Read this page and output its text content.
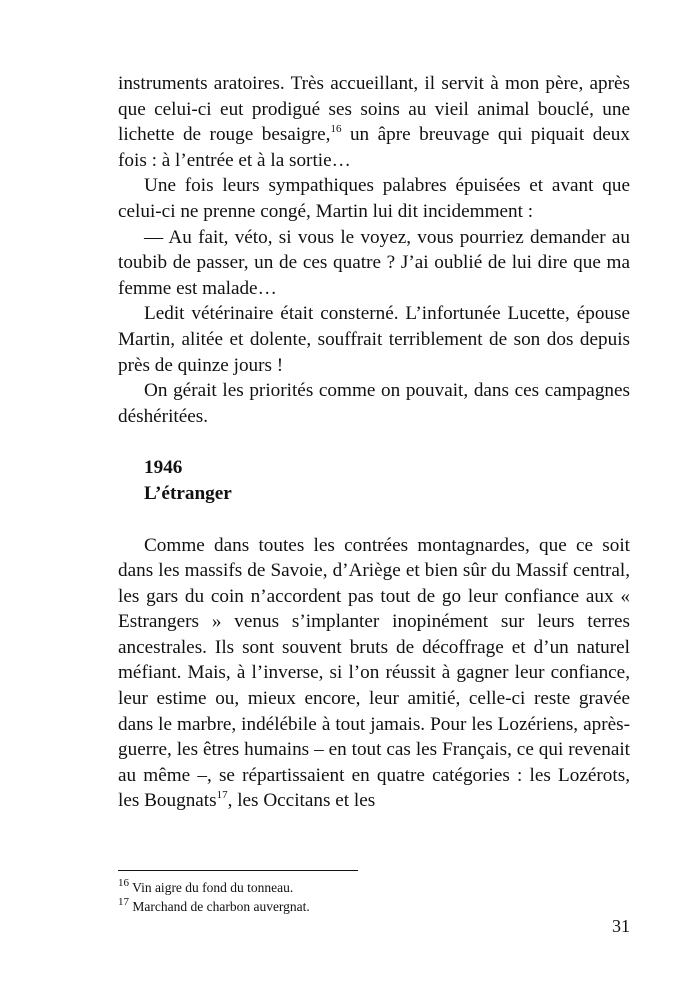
instruments aratoires. Très accueillant, il servit à mon père, après que celui-ci eut prodigué ses soins au vieil animal bouclé, une lichette de rouge besaigre,$^{16}$ un âpre breuvage qui piquait deux fois : à l’entrée et à la sortie…

Une fois leurs sympathiques palabres épuisées et avant que celui-ci ne prenne congé, Martin lui dit incidemment :

— Au fait, véto, si vous le voyez, vous pourriez demander au toubib de passer, un de ces quatre ? J’ai oublié de lui dire que ma femme est malade…

Ledit vétérinaire était consterné. L’infortunée Lucette, épouse Martin, alitée et dolente, souffrait terriblement de son dos depuis près de quinze jours !

On gérait les priorités comme on pouvait, dans ces campagnes déshéritées.

1946

L’étranger

Comme dans toutes les contrées montagnardes, que ce soit dans les massifs de Savoie, d’Ariège et bien sûr du Massif central, les gars du coin n’accordent pas tout de go leur confiance aux « Estrangers » venus s’implanter inopinément sur leurs terres ancestrales. Ils sont souvent bruts de décoffrage et d’un naturel méfiant. Mais, à l’inverse, si l’on réussit à gagner leur confiance, leur estime ou, mieux encore, leur amitié, celle-ci reste gravée dans le marbre, indélébile à tout jamais. Pour les Lozériens, après-guerre, les êtres humains – en tout cas les Français, ce qui revenait au même –, se répartissaient en quatre catégories : les Lozérots, les Bougnats$^{17}$, les Occitans et les

$^{16}$ Vin aigre du fond du tonneau.

$^{17}$ Marchand de charbon auvergnat.

31
